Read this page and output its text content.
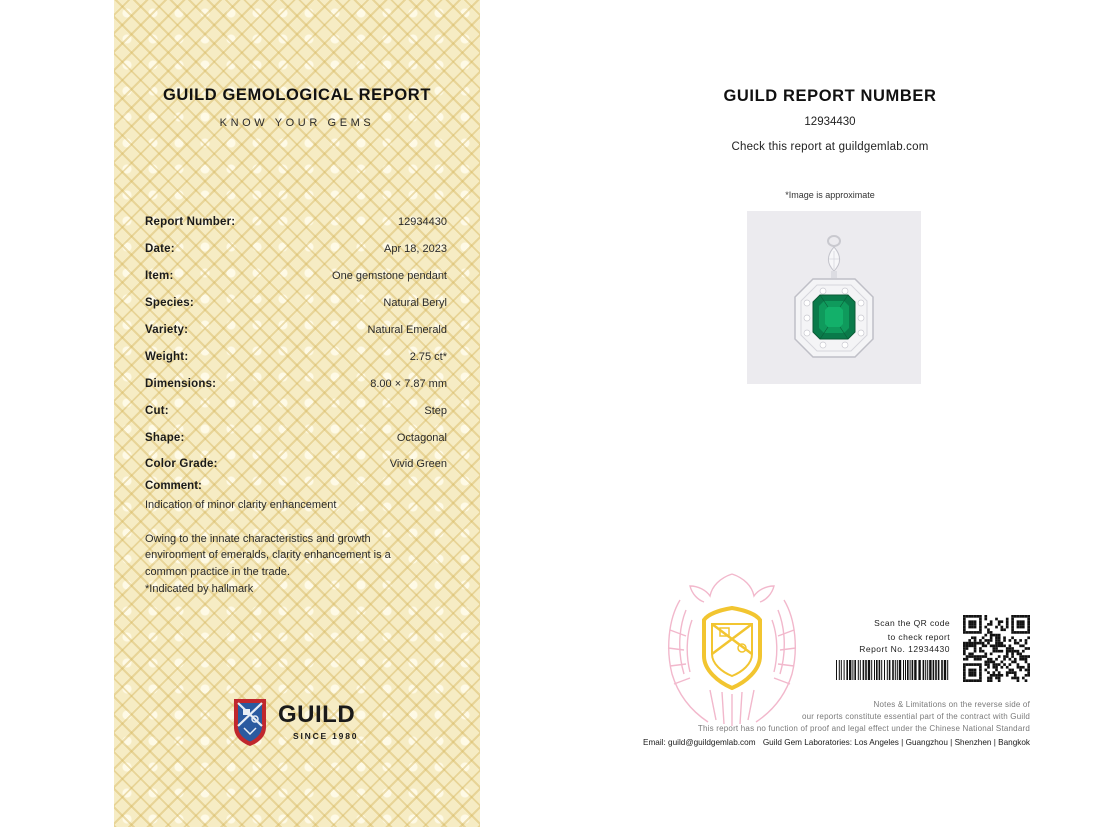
GUILD GEMOLOGICAL REPORT
KNOW YOUR GEMS
Report Number:	12934430
Date:	Apr 18, 2023
Item:	One gemstone pendant
Species:	Natural Beryl
Variety:	Natural Emerald
Weight:	2.75 ct*
Dimensions:	8.00 × 7.87 mm
Cut:	Step
Shape:	Octagonal
Color Grade:	Vivid Green
Comment:
Indication of minor clarity enhancement
Owing to the innate characteristics and growth
environment of emeralds, clarity enhancement is a
common practice in the trade.
*Indicated by hallmark
GUILD
SINCE 1980
GUILD REPORT NUMBER
12934430
Check this report at guildgemlab.com
*Image is approximate
Scan the QR code
to check report
Report No. 12934430
Notes & Limitations on the reverse side of
our reports constitute essential part of the contract with Guild
This report has no function of proof and legal effect under the Chinese National Standard
Email: guild@guildgemlab.com Guild Gem Laboratories: Los Angeles | Guangzhou | Shenzhen | Bangkok
